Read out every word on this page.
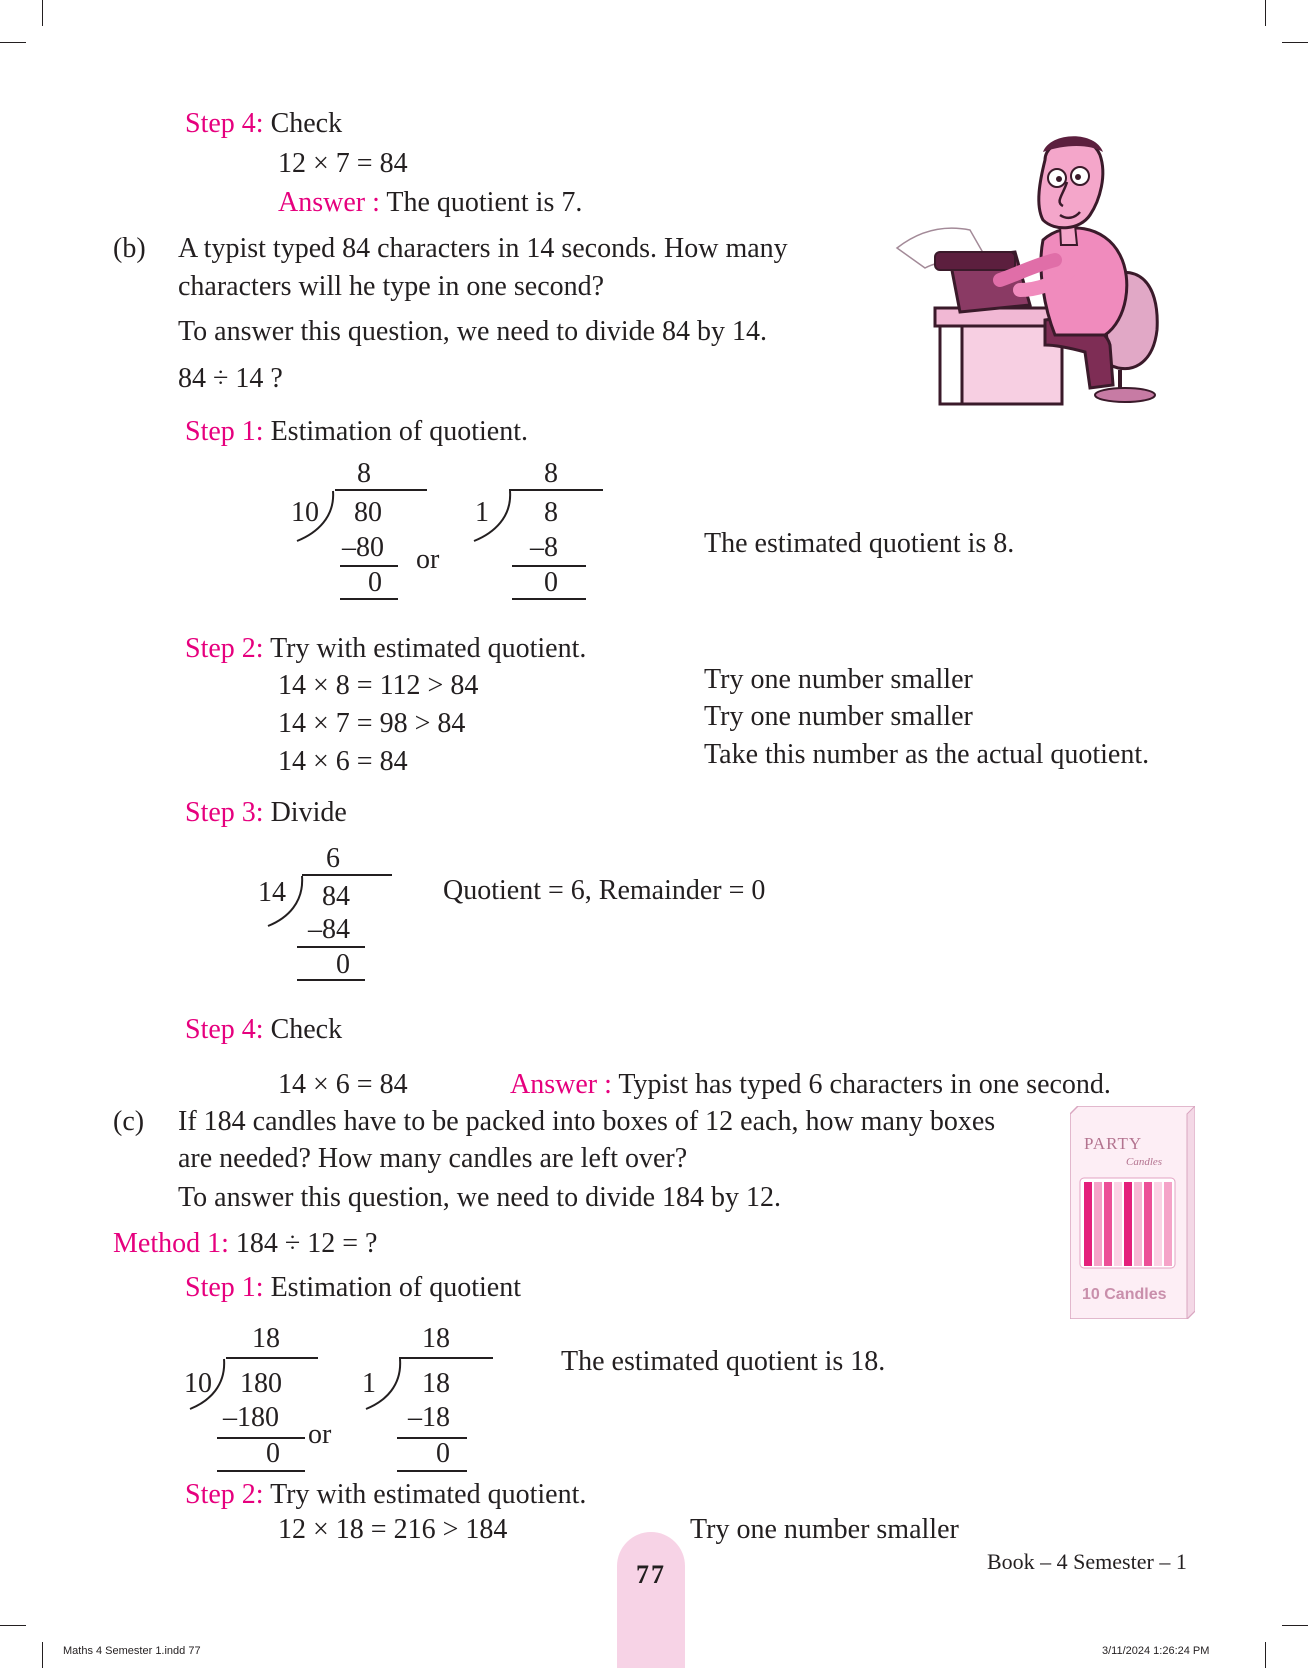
Step 4: Check
12 × 7 = 84
Answer : The quotient is 7.
(b) A typist typed 84 characters in 14 seconds. How many
characters will he type in one second?
To answer this question, we need to divide 84 by 14.
84 ÷ 14 ?
Step 1: Estimation of quotient.
8
10 80
–80
0
or
8
1 8
–8
0
The estimated quotient is 8.
Step 2: Try with estimated quotient.
14 × 8 = 112 > 84	Try one number smaller
14 × 7 = 98 > 84	Try one number smaller
14 × 6 = 84	Take this number as the actual quotient.
Step 3: Divide
6
14 84
–84
0
Quotient = 6, Remainder = 0
Step 4: Check
14 × 6 = 84	Answer : Typist has typed 6 characters in one second.
(c) If 184 candles have to be packed into boxes of 12 each, how many boxes
are needed? How many candles are left over?
To answer this question, we need to divide 184 by 12.
PARTY
Candles
10 Candles
Method 1: 184 ÷ 12 = ?
Step 1: Estimation of quotient
18
10 180
–180
0
or
18
1 18
–18
0
The estimated quotient is 18.
Step 2: Try with estimated quotient.
12 × 18 = 216 > 184	Try one number smaller
77	Book – 4 Semester – 1
Maths 4 Semester 1.indd 77	3/11/2024 1:26:24 PM
